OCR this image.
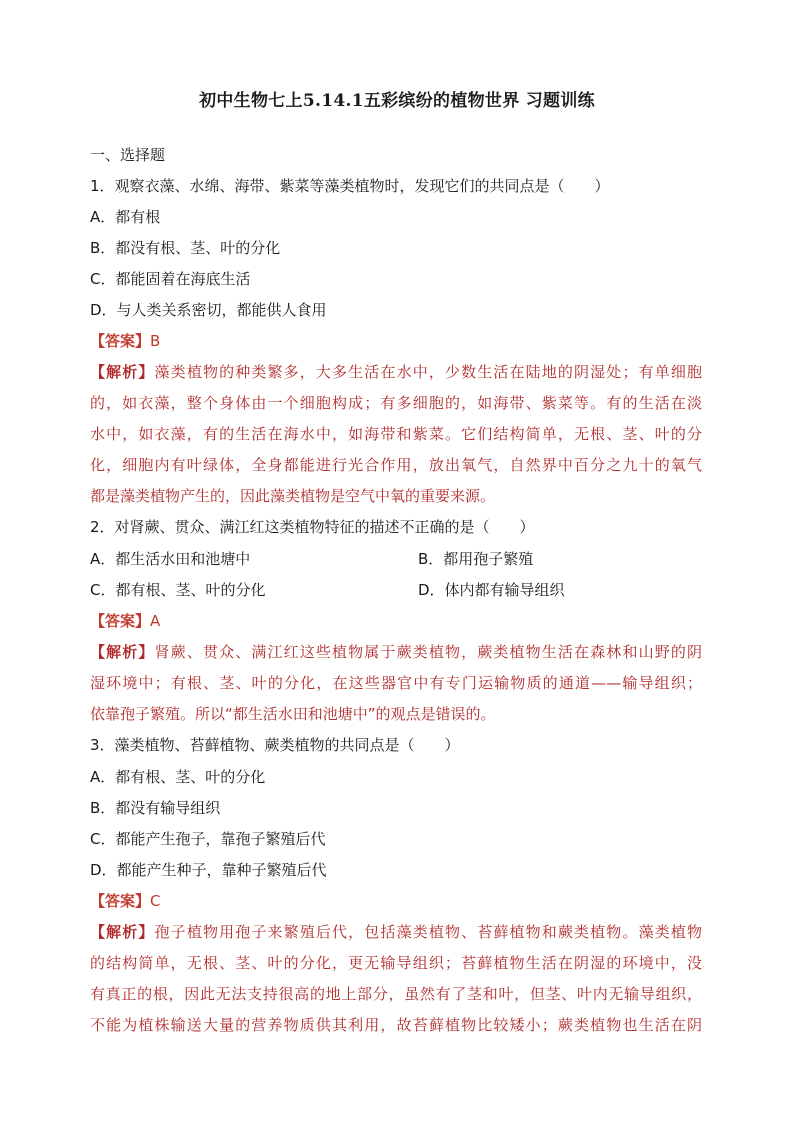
初中生物七上5.14.1五彩缤纷的植物世界 习题训练
一、选择题
1．观察衣藻、水绵、海带、紫菜等藻类植物时，发现它们的共同点是（　　）
A．都有根
B．都没有根、茎、叶的分化
C．都能固着在海底生活
D．与人类关系密切，都能供人食用
【答案】B
【解析】藻类植物的种类繁多，大多生活在水中，少数生活在陆地的阴湿处；有单细胞
的，如衣藻，整个身体由一个细胞构成；有多细胞的，如海带、紫菜等。有的生活在淡
水中，如衣藻，有的生活在海水中，如海带和紫菜。它们结构简单，无根、茎、叶的分
化，细胞内有叶绿体，全身都能进行光合作用，放出氧气，自然界中百分之九十的氧气
都是藻类植物产生的，因此藻类植物是空气中氧的重要来源。
2．对肾蕨、贯众、满江红这类植物特征的描述不正确的是（　　）
A．都生活水田和池塘中	B．都用孢子繁殖
C．都有根、茎、叶的分化	D．体内都有输导组织
【答案】A
【解析】肾蕨、贯众、满江红这些植物属于蕨类植物，蕨类植物生活在森林和山野的阴
湿环境中；有根、茎、叶的分化，在这些器官中有专门运输物质的通道——输导组织；
依靠孢子繁殖。所以“都生活水田和池塘中”的观点是错误的。
3．藻类植物、苔藓植物、蕨类植物的共同点是（　　）
A．都有根、茎、叶的分化
B．都没有输导组织
C．都能产生孢子，靠孢子繁殖后代
D．都能产生种子，靠种子繁殖后代
【答案】C
【解析】孢子植物用孢子来繁殖后代，包括藻类植物、苔藓植物和蕨类植物。藻类植物
的结构简单，无根、茎、叶的分化，更无输导组织；苔藓植物生活在阴湿的环境中，没
有真正的根，因此无法支持很高的地上部分，虽然有了茎和叶，但茎、叶内无输导组织，
不能为植株输送大量的营养物质供其利用，故苔藓植物比较矮小；蕨类植物也生活在阴
